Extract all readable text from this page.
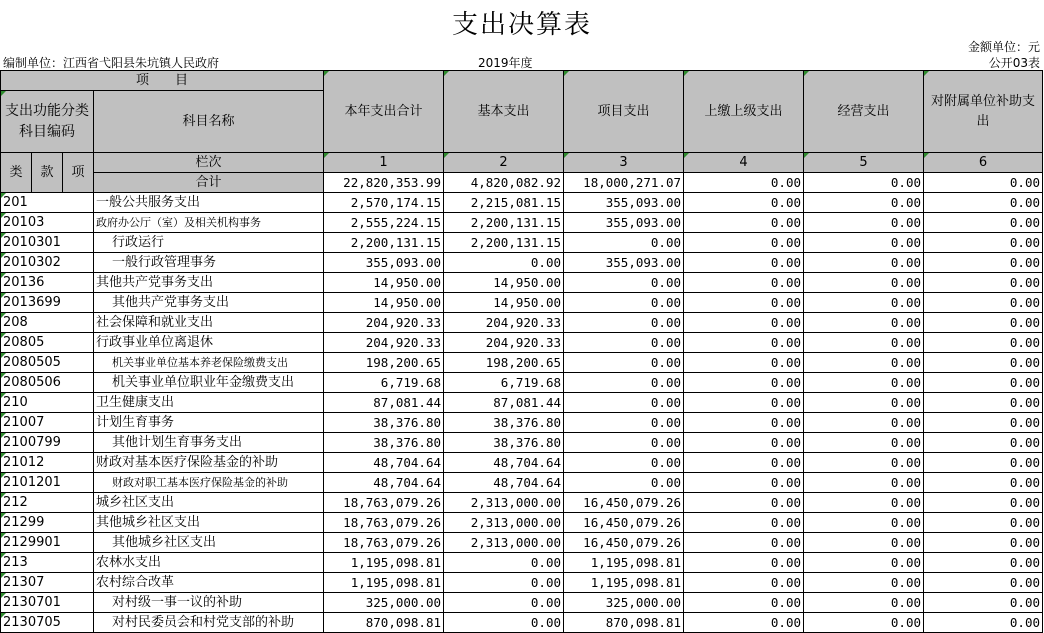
支出决算表
金额单位：元
编制单位：江西省弋阳县朱坑镇人民政府	2019年度	公开03表
项　　目				本年支出合计	基本支出	项目支出	上缴上级支出	经营支出	对附属单位补助支出
支出功能分类科目编码			科目名称						

类	款	项	栏次	1	2	3	4	5	6
			合计	22,820,353.99	4,820,082.92	18,000,271.07	0.00	0.00	0.00
201			一般公共服务支出	2,570,174.15	2,215,081.15	355,093.00	0.00	0.00	0.00
20103			政府办公厅（室）及相关机构事务	2,555,224.15	2,200,131.15	355,093.00	0.00	0.00	0.00
2010301			行政运行	2,200,131.15	2,200,131.15	0.00	0.00	0.00	0.00
2010302			一般行政管理事务	355,093.00	0.00	355,093.00	0.00	0.00	0.00
20136			其他共产党事务支出	14,950.00	14,950.00	0.00	0.00	0.00	0.00
2013699			其他共产党事务支出	14,950.00	14,950.00	0.00	0.00	0.00	0.00
208			社会保障和就业支出	204,920.33	204,920.33	0.00	0.00	0.00	0.00
20805			行政事业单位离退休	204,920.33	204,920.33	0.00	0.00	0.00	0.00
2080505			机关事业单位基本养老保险缴费支出	198,200.65	198,200.65	0.00	0.00	0.00	0.00
2080506			机关事业单位职业年金缴费支出	6,719.68	6,719.68	0.00	0.00	0.00	0.00
210			卫生健康支出	87,081.44	87,081.44	0.00	0.00	0.00	0.00
21007			计划生育事务	38,376.80	38,376.80	0.00	0.00	0.00	0.00
2100799			其他计划生育事务支出	38,376.80	38,376.80	0.00	0.00	0.00	0.00
21012			财政对基本医疗保险基金的补助	48,704.64	48,704.64	0.00	0.00	0.00	0.00
2101201			财政对职工基本医疗保险基金的补助	48,704.64	48,704.64	0.00	0.00	0.00	0.00
212			城乡社区支出	18,763,079.26	2,313,000.00	16,450,079.26	0.00	0.00	0.00
21299			其他城乡社区支出	18,763,079.26	2,313,000.00	16,450,079.26	0.00	0.00	0.00
2129901			其他城乡社区支出	18,763,079.26	2,313,000.00	16,450,079.26	0.00	0.00	0.00
213			农林水支出	1,195,098.81	0.00	1,195,098.81	0.00	0.00	0.00
21307			农村综合改革	1,195,098.81	0.00	1,195,098.81	0.00	0.00	0.00
2130701			对村级一事一议的补助	325,000.00	0.00	325,000.00	0.00	0.00	0.00
2130705			对村民委员会和村党支部的补助	870,098.81	0.00	870,098.81	0.00	0.00	0.00
